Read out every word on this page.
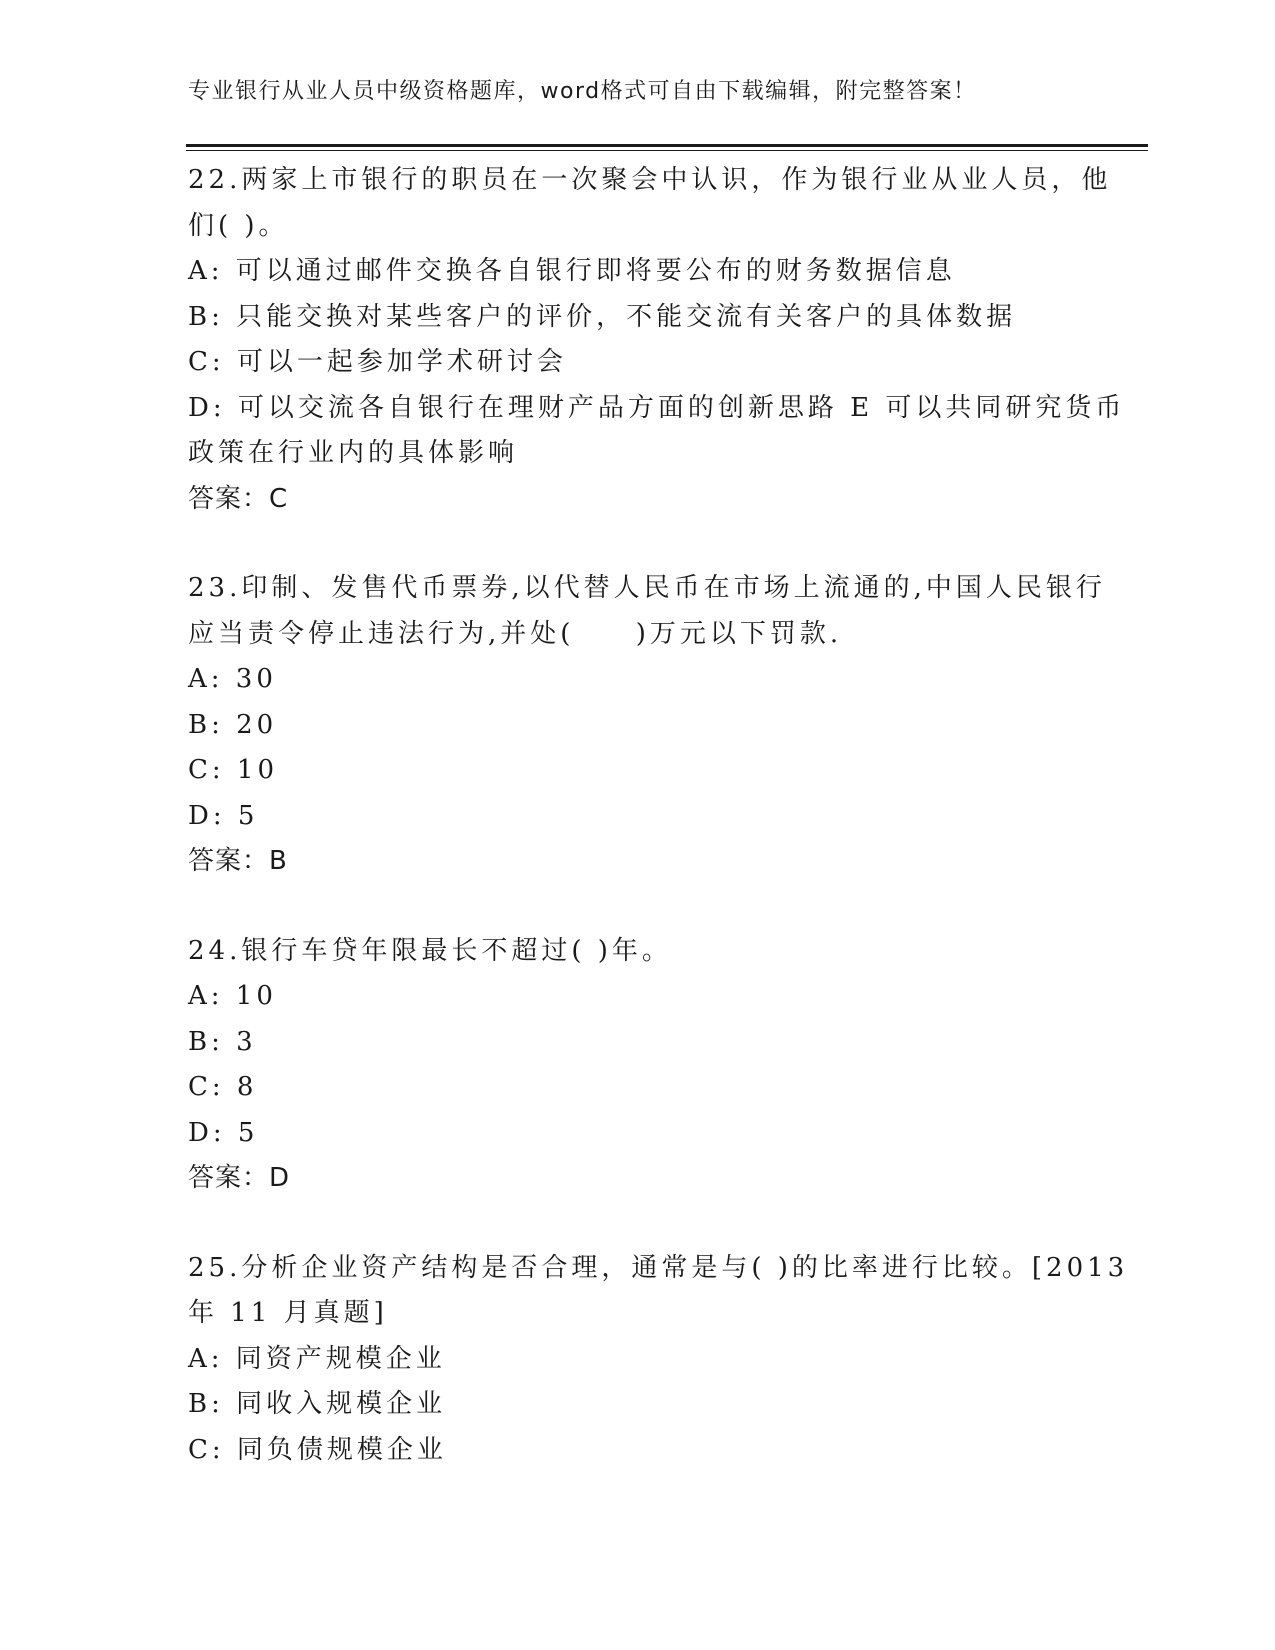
专业银行从业人员中级资格题库，word格式可自由下载编辑，附完整答案！
22.两家上市银行的职员在一次聚会中认识，作为银行业从业人员，他
们( )。
A: 可以通过邮件交换各自银行即将要公布的财务数据信息
B: 只能交换对某些客户的评价，不能交流有关客户的具体数据
C: 可以一起参加学术研讨会
D: 可以交流各自银行在理财产品方面的创新思路 E 可以共同研究货币
政策在行业内的具体影响
答案：C
23.印制、发售代币票券,以代替人民币在市场上流通的,中国人民银行
应当责令停止违法行为,并处(     )万元以下罚款.
A: 30
B: 20
C: 10
D: 5
答案：B
24.银行车贷年限最长不超过( )年。
A: 10
B: 3
C: 8
D: 5
答案：D
25.分析企业资产结构是否合理，通常是与( )的比率进行比较。[2013
年 11 月真题]
A: 同资产规模企业
B: 同收入规模企业
C: 同负债规模企业
